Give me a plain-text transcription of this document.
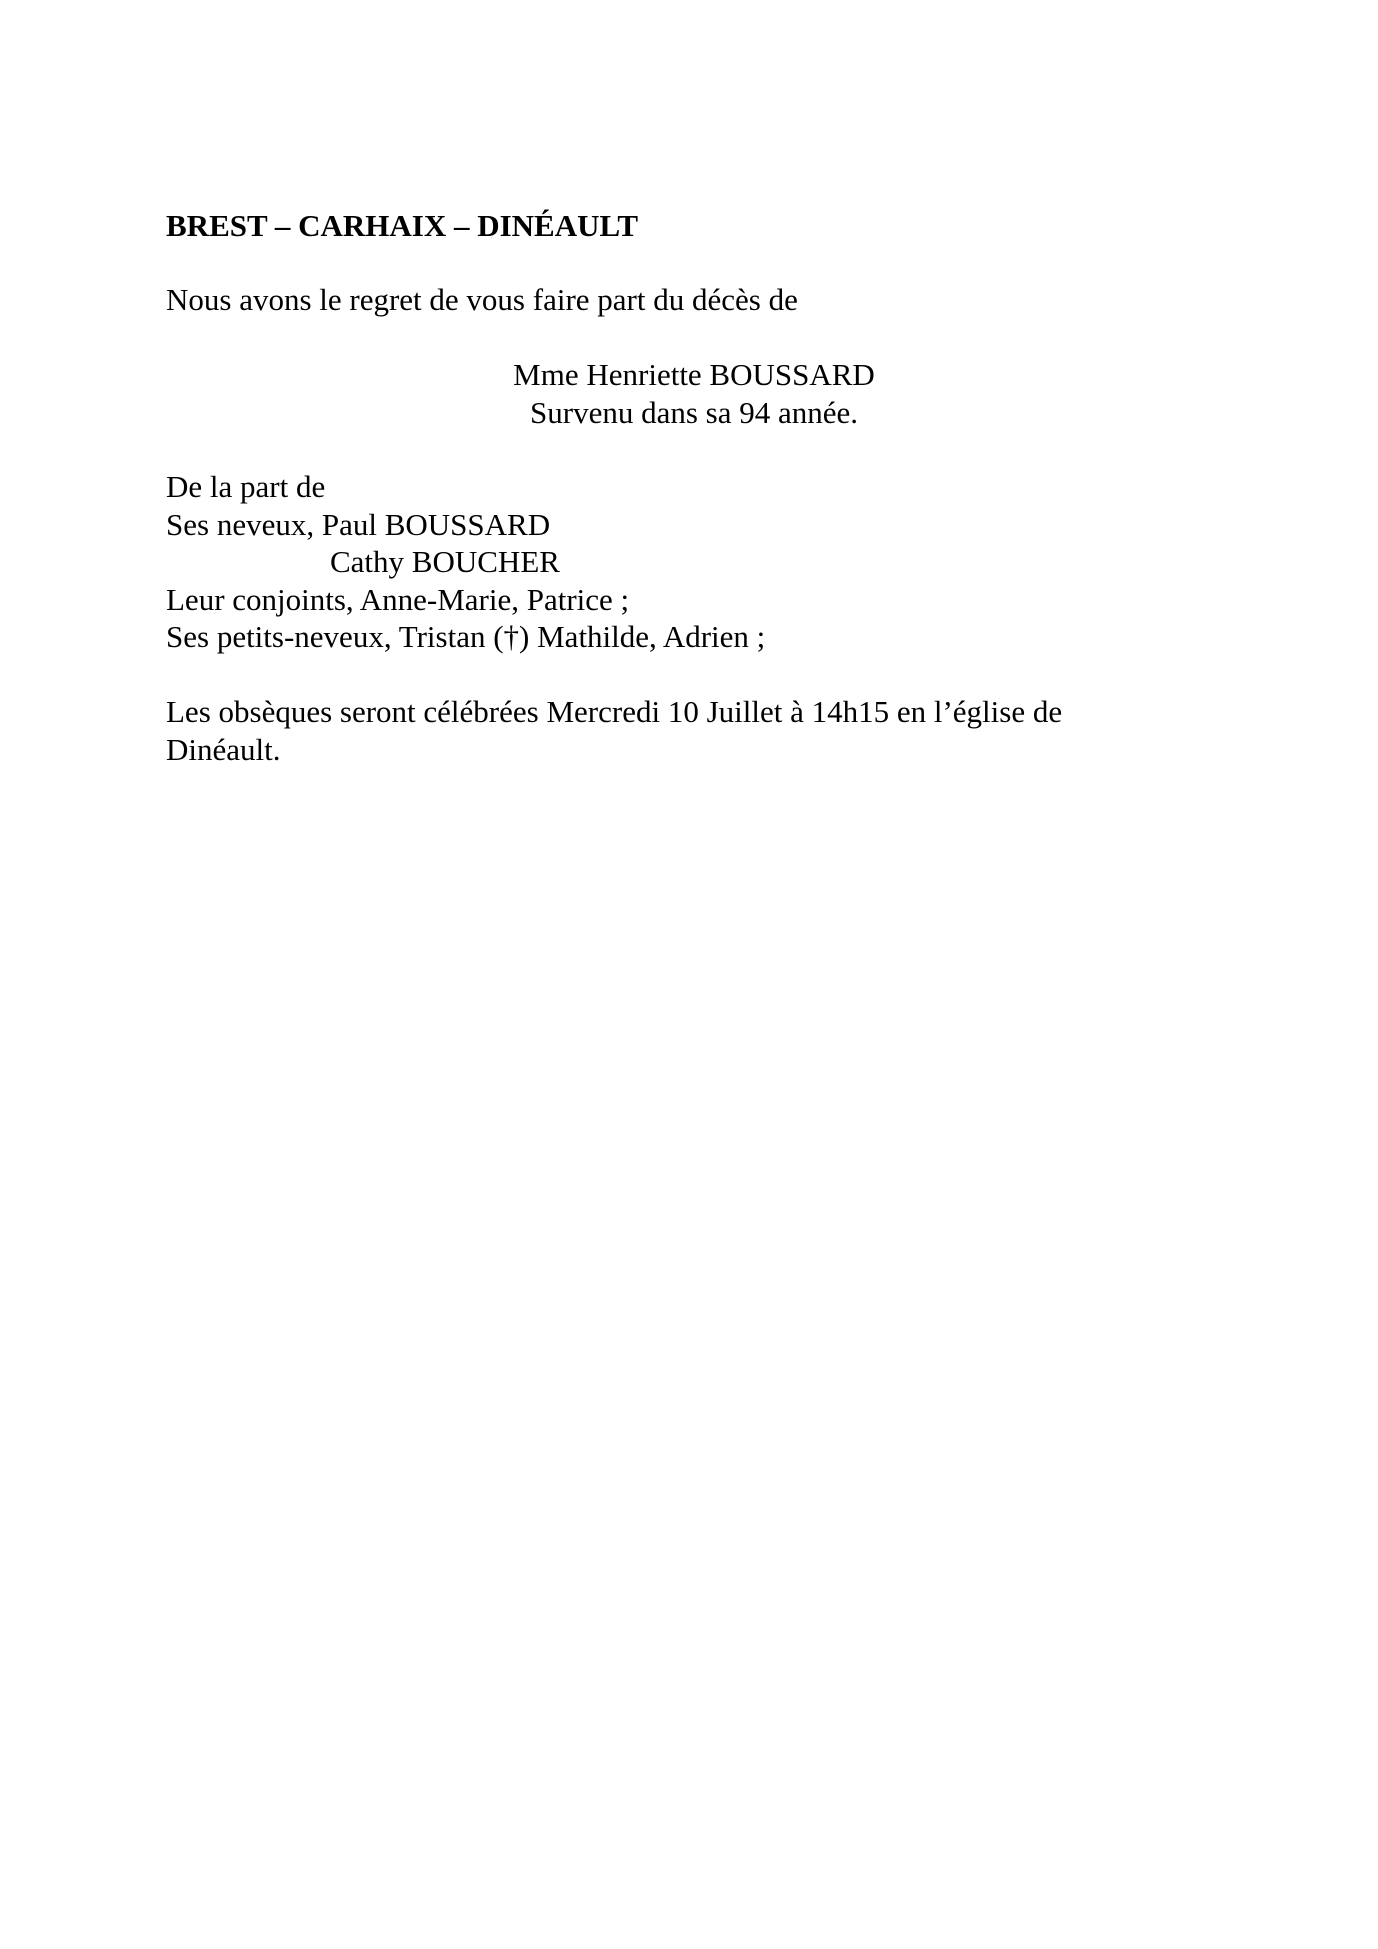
BREST – CARHAIX – DINÉAULT
Nous avons le regret de vous faire part du décès de
Mme Henriette BOUSSARD
Survenu dans sa 94 année.
De la part de
Ses neveux, Paul BOUSSARD
Cathy BOUCHER
Leur conjoints, Anne-Marie, Patrice ;
Ses petits-neveux, Tristan (†) Mathilde, Adrien ;
Les obsèques seront célébrées Mercredi 10 Juillet à 14h15 en l’église de
Dinéault.
